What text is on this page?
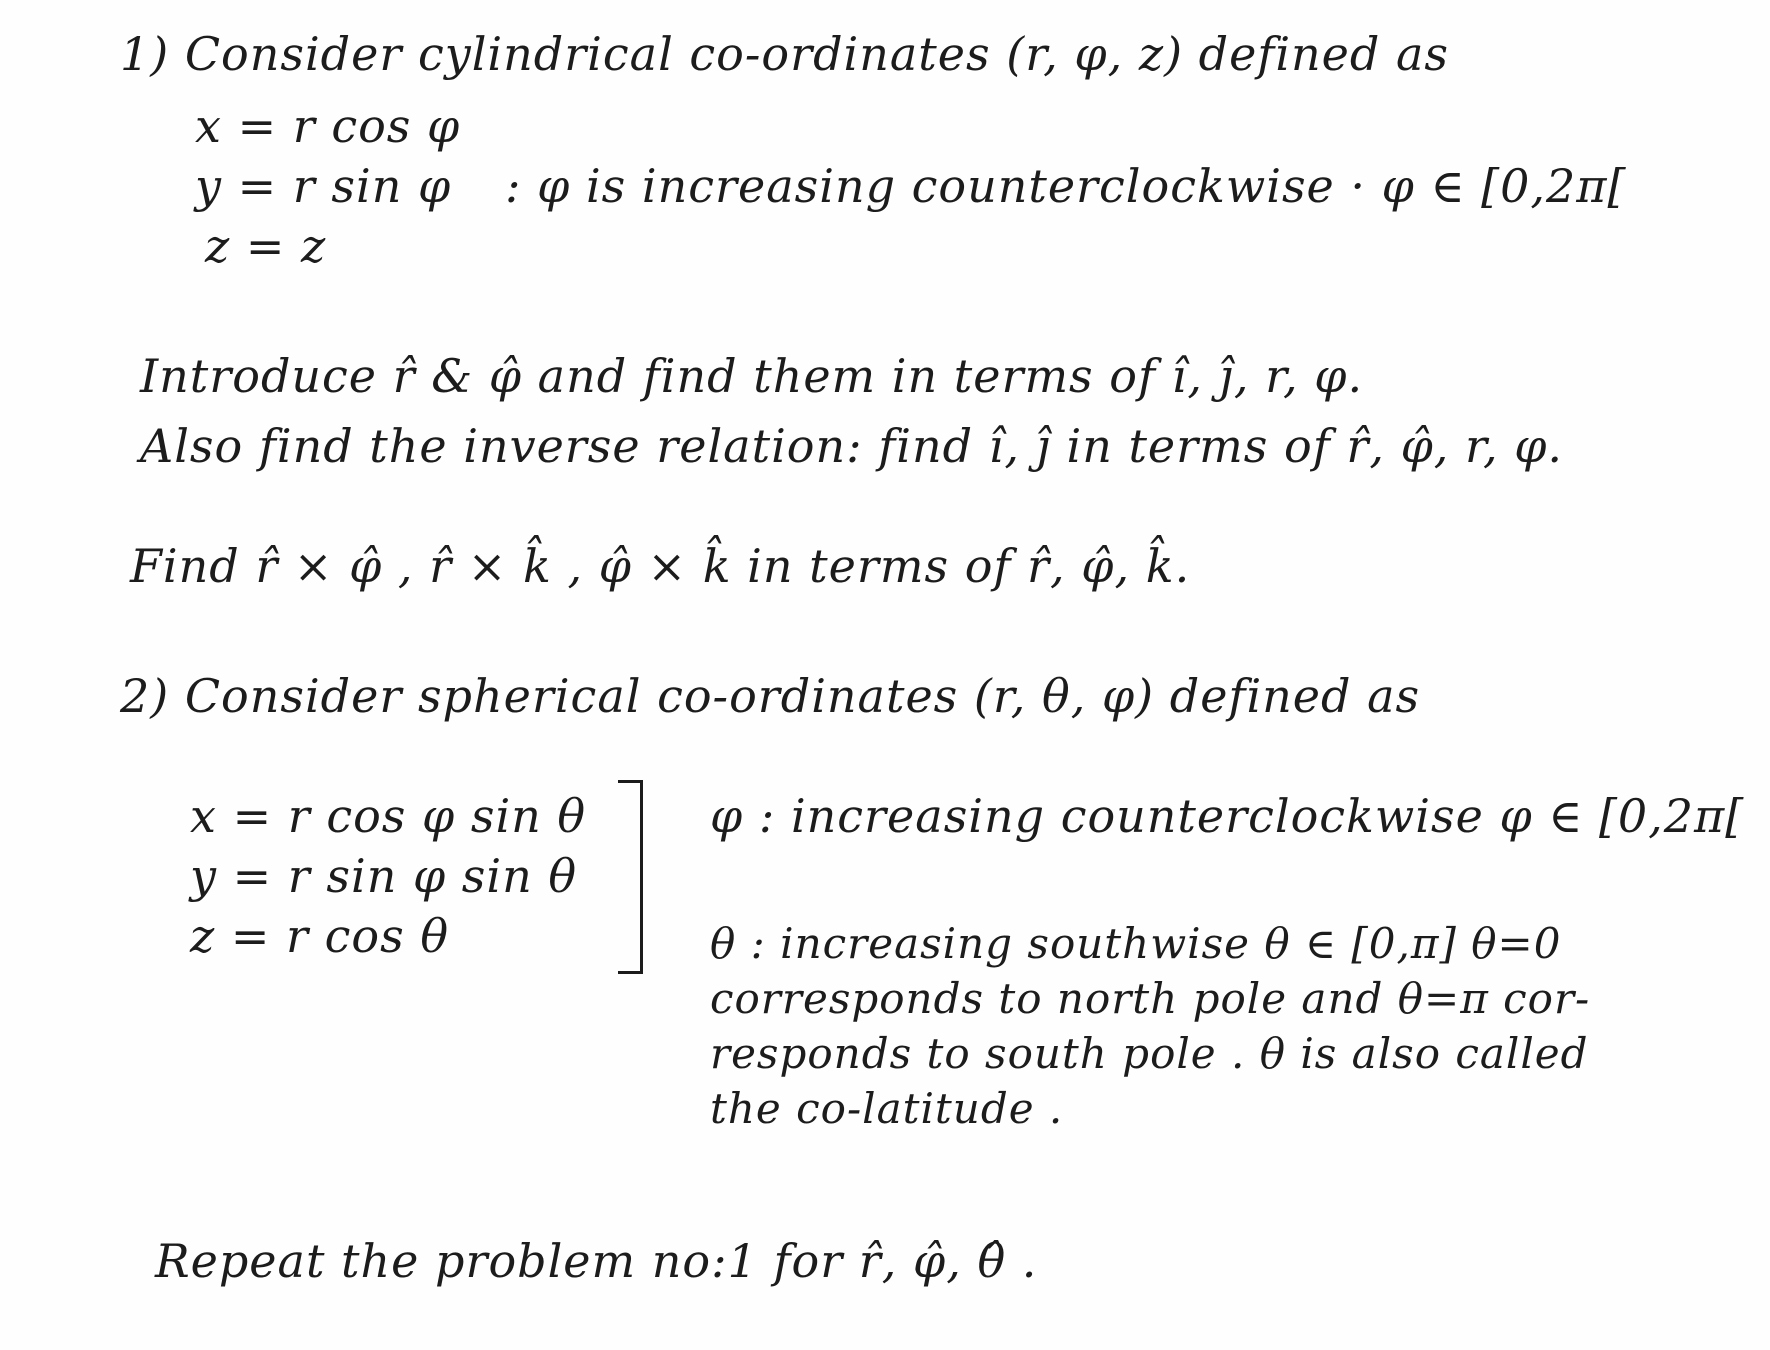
1) Consider cylindrical co-ordinates (r, φ, z) defined as
x = r cos φ
y = r sin φ : φ is increasing counterclockwise · φ ∈ [0,2π[
z = z
Introduce r̂ & φ̂ and find them in terms of î, ĵ, r, φ.
Also find the inverse relation: find î, ĵ in terms of r̂, φ̂, r, φ.
Find r̂ × φ̂ , r̂ × k̂ , φ̂ × k̂ in terms of r̂, φ̂, k̂.
2) Consider spherical co-ordinates (r, θ, φ) defined as
x = r cos φ sin θ
y = r sin φ sin θ
z = r cos θ
φ : increasing counterclockwise φ ∈ [0,2π[
θ : increasing southwise θ ∈ [0,π] θ=0
corresponds to north pole and θ=π cor-
responds to south pole . θ is also called
the co-latitude .
Repeat the problem no:1 for r̂, φ̂, θ̂ .
